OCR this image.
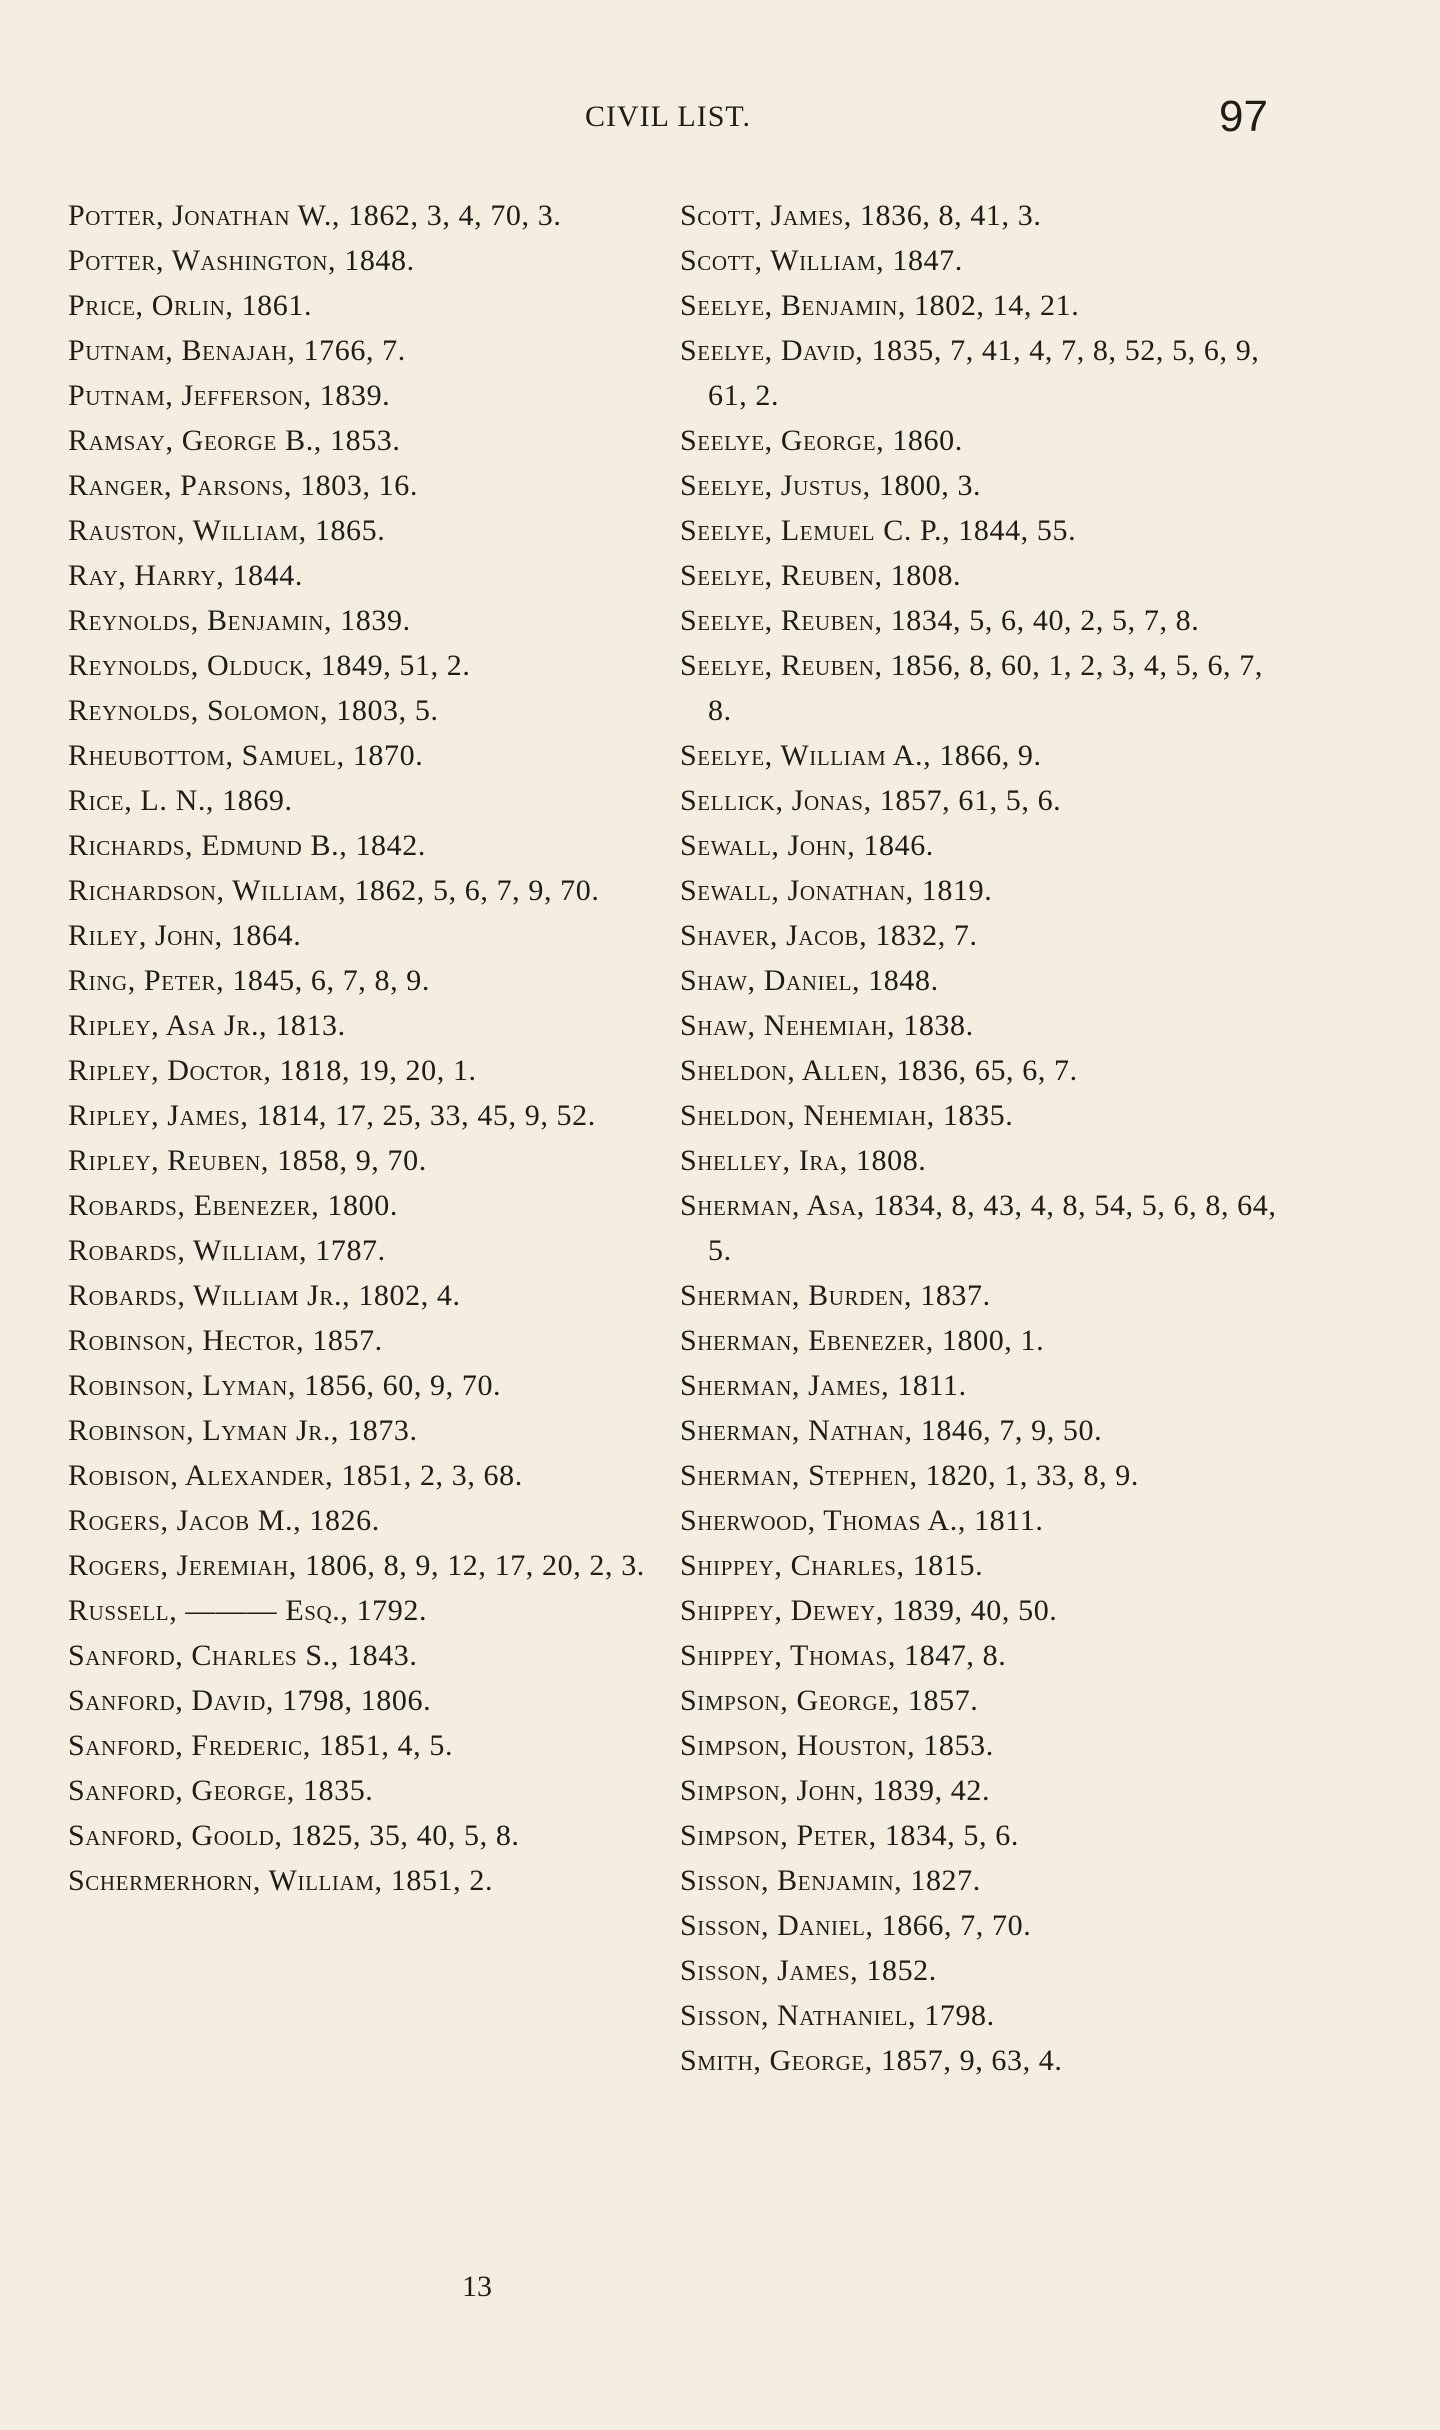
CIVIL LIST.	97

Potter, Jonathan W., 1862, 3, 4, 70, 3.

Potter, Washington, 1848.

Price, Orlin, 1861.

Putnam, Benajah, 1766, 7.

Putnam, Jefferson, 1839.

Ramsay, George B., 1853.

Ranger, Parsons, 1803, 16.

Rauston, William, 1865.

Ray, Harry, 1844.

Reynolds, Benjamin, 1839.

Reynolds, Olduck, 1849, 51, 2.

Reynolds, Solomon, 1803, 5.

Rheubottom, Samuel, 1870.

Rice, L. N., 1869.

Richards, Edmund B., 1842.

Richardson, William, 1862, 5, 6, 7, 9, 70.

Riley, John, 1864.

Ring, Peter, 1845, 6, 7, 8, 9.

Ripley, Asa Jr., 1813.

Ripley, Doctor, 1818, 19, 20, 1.

Ripley, James, 1814, 17, 25, 33, 45, 9, 52.

Ripley, Reuben, 1858, 9, 70.

Robards, Ebenezer, 1800.

Robards, William, 1787.

Robards, William Jr., 1802, 4.

Robinson, Hector, 1857.

Robinson, Lyman, 1856, 60, 9, 70.

Robinson, Lyman Jr., 1873.

Robison, Alexander, 1851, 2, 3, 68.

Rogers, Jacob M., 1826.

Rogers, Jeremiah, 1806, 8, 9, 12, 17, 20, 2, 3.

Russell, ——— Esq., 1792.

Sanford, Charles S., 1843.

Sanford, David, 1798, 1806.

Sanford, Frederic, 1851, 4, 5.

Sanford, George, 1835.

Sanford, Goold, 1825, 35, 40, 5, 8.

Schermerhorn, William, 1851, 2.

Scott, James, 1836, 8, 41, 3.

Scott, William, 1847.

Seelye, Benjamin, 1802, 14, 21.

Seelye, David, 1835, 7, 41, 4, 7, 8, 52, 5, 6, 9, 61, 2.

Seelye, George, 1860.

Seelye, Justus, 1800, 3.

Seelye, Lemuel C. P., 1844, 55.

Seelye, Reuben, 1808.

Seelye, Reuben, 1834, 5, 6, 40, 2, 5, 7, 8.

Seelye, Reuben, 1856, 8, 60, 1, 2, 3, 4, 5, 6, 7, 8.

Seelye, William A., 1866, 9.

Sellick, Jonas, 1857, 61, 5, 6.

Sewall, John, 1846.

Sewall, Jonathan, 1819.

Shaver, Jacob, 1832, 7.

Shaw, Daniel, 1848.

Shaw, Nehemiah, 1838.

Sheldon, Allen, 1836, 65, 6, 7.

Sheldon, Nehemiah, 1835.

Shelley, Ira, 1808.

Sherman, Asa, 1834, 8, 43, 4, 8, 54, 5, 6, 8, 64, 5.

Sherman, Burden, 1837.

Sherman, Ebenezer, 1800, 1.

Sherman, James, 1811.

Sherman, Nathan, 1846, 7, 9, 50.

Sherman, Stephen, 1820, 1, 33, 8, 9.

Sherwood, Thomas A., 1811.

Shippey, Charles, 1815.

Shippey, Dewey, 1839, 40, 50.

Shippey, Thomas, 1847, 8.

Simpson, George, 1857.

Simpson, Houston, 1853.

Simpson, John, 1839, 42.

Simpson, Peter, 1834, 5, 6.

Sisson, Benjamin, 1827.

Sisson, Daniel, 1866, 7, 70.

Sisson, James, 1852.

Sisson, Nathaniel, 1798.

Smith, George, 1857, 9, 63, 4.

13
